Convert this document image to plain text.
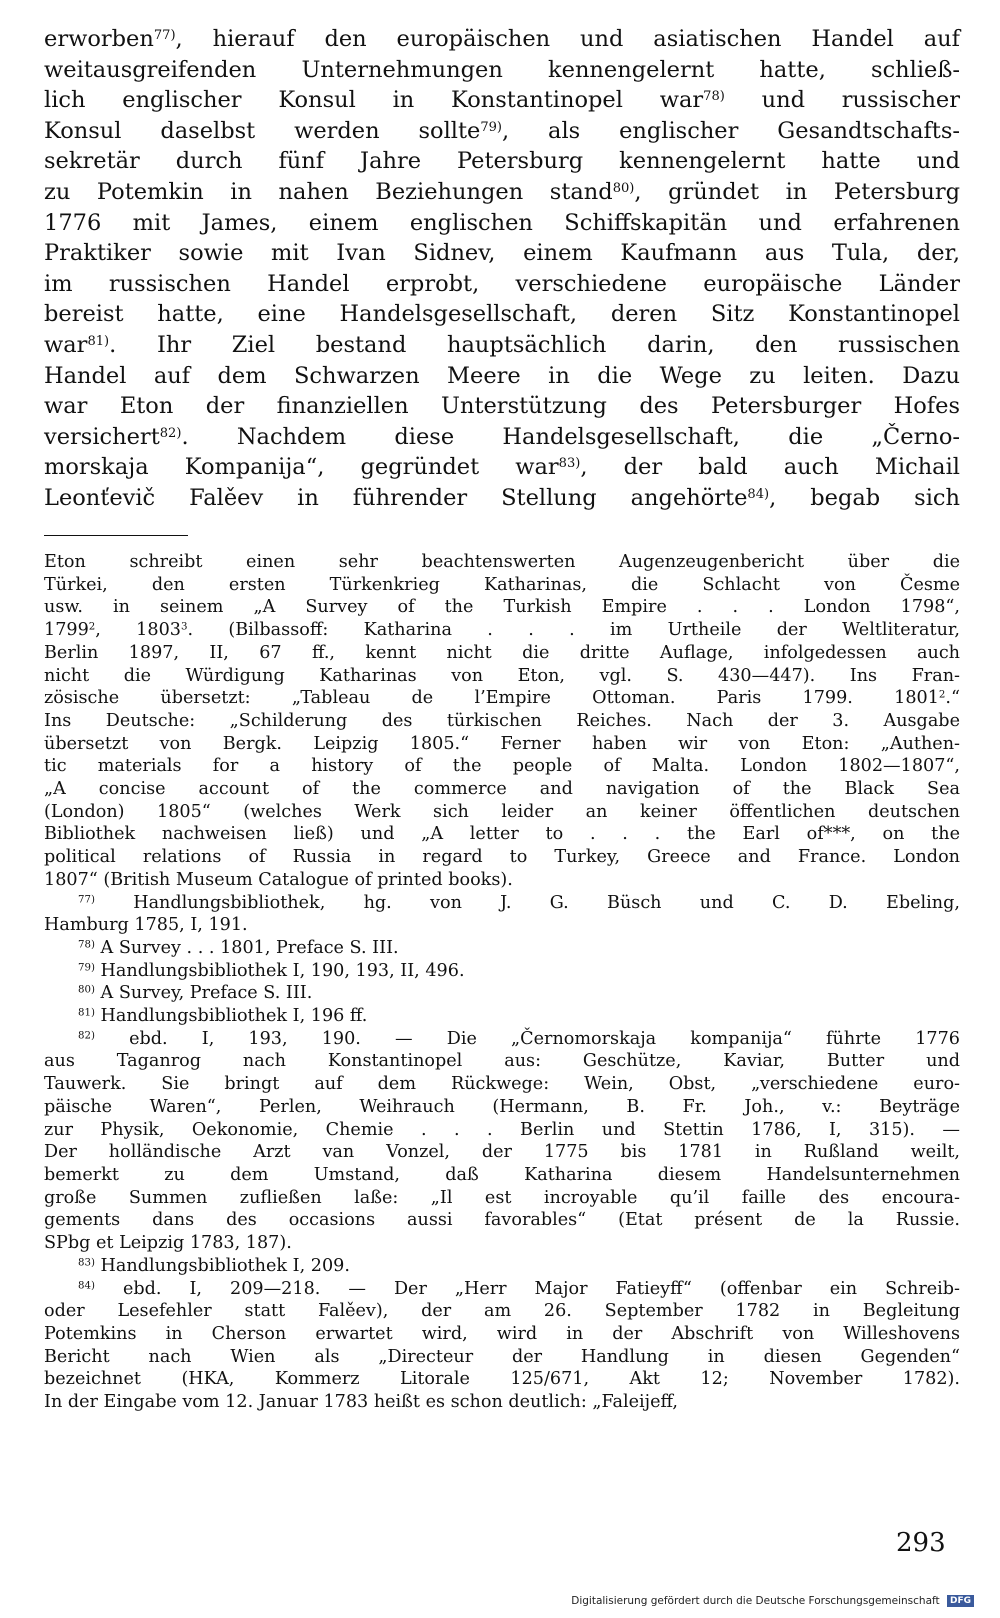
erworben$^{77)}$, hierauf den europäischen und asiatischen Handel auf
weitausgreifenden Unternehmungen kennengelernt hatte, schließ-
lich englischer Konsul in Konstantinopel war$^{78)}$ und russischer
Konsul daselbst werden sollte$^{79)}$, als englischer Gesandtschafts-
sekretär durch fünf Jahre Petersburg kennengelernt hatte und
zu Potemkin in nahen Beziehungen stand$^{80)}$, gründet in Petersburg
1776 mit James, einem englischen Schiffskapitän und erfahrenen
Praktiker sowie mit Ivan Sidnev, einem Kaufmann aus Tula, der,
im russischen Handel erprobt, verschiedene europäische Länder
bereist hatte, eine Handelsgesellschaft, deren Sitz Konstantinopel
war$^{81)}$. Ihr Ziel bestand hauptsächlich darin, den russischen
Handel auf dem Schwarzen Meere in die Wege zu leiten. Dazu
war Eton der finanziellen Unterstützung des Petersburger Hofes
versichert$^{82)}$. Nachdem diese Handelsgesellschaft, die „Černo-
morskaja Kompanija“, gegründet war$^{83)}$, der bald auch Michail
Leonťevič Falěev in führender Stellung angehörte$^{84)}$, begab sich
Eton schreibt einen sehr beachtenswerten Augenzeugenbericht über die
Türkei, den ersten Türkenkrieg Katharinas, die Schlacht von Česme
usw. in seinem „A Survey of the Turkish Empire . . . London 1798“,
1799$^2$, 1803$^3$. (Bilbassoff: Katharina . . . im Urtheile der Weltliteratur,
Berlin 1897, II, 67 ff., kennt nicht die dritte Auflage, infolgedessen auch
nicht die Würdigung Katharinas von Eton, vgl. S. 430—447). Ins Fran-
zösische übersetzt: „Tableau de l’Empire Ottoman. Paris 1799. 1801$^2$.“
Ins Deutsche: „Schilderung des türkischen Reiches. Nach der 3. Ausgabe
übersetzt von Bergk. Leipzig 1805.“ Ferner haben wir von Eton: „Authen-
tic materials for a history of the people of Malta. London 1802—1807“,
„A concise account of the commerce and navigation of the Black Sea
(London) 1805“ (welches Werk sich leider an keiner öffentlichen deutschen
Bibliothek nachweisen ließ) und „A letter to . . . the Earl of***, on the
political relations of Russia in regard to Turkey, Greece and France. London
1807“ (British Museum Catalogue of printed books).
$^{77)}$ Handlungsbibliothek, hg. von J. G. Büsch und C. D. Ebeling,
Hamburg 1785, I, 191.
$^{78)}$ A Survey . . . 1801, Preface S. III.
$^{79)}$ Handlungsbibliothek I, 190, 193, II, 496.
$^{80)}$ A Survey, Preface S. III.
$^{81)}$ Handlungsbibliothek I, 196 ff.
$^{82)}$ ebd. I, 193, 190. — Die „Černomorskaja kompanija“ führte 1776
aus Taganrog nach Konstantinopel aus: Geschütze, Kaviar, Butter und
Tauwerk. Sie bringt auf dem Rückwege: Wein, Obst, „verschiedene euro-
päische Waren“, Perlen, Weihrauch (Hermann, B. Fr. Joh., v.: Beyträge
zur Physik, Oekonomie, Chemie . . . Berlin und Stettin 1786, I, 315). —
Der holländische Arzt van Vonzel, der 1775 bis 1781 in Rußland weilt,
bemerkt zu dem Umstand, daß Katharina diesem Handelsunternehmen
große Summen zufließen laße: „Il est incroyable qu’il faille des encoura-
gements dans des occasions aussi favorables“ (Etat présent de la Russie.
SPbg et Leipzig 1783, 187).
$^{83)}$ Handlungsbibliothek I, 209.
$^{84)}$ ebd. I, 209—218. — Der „Herr Major Fatieyff“ (offenbar ein Schreib-
oder Lesefehler statt Falěev), der am 26. September 1782 in Begleitung
Potemkins in Cherson erwartet wird, wird in der Abschrift von Willeshovens
Bericht nach Wien als „Directeur der Handlung in diesen Gegenden“
bezeichnet (HKA, Kommerz Litorale 125/671, Akt 12; November 1782).
In der Eingabe vom 12. Januar 1783 heißt es schon deutlich: „Faleijeff,
293
Digitalisierung gefördert durch die Deutsche Forschungsgemeinschaft DFG
